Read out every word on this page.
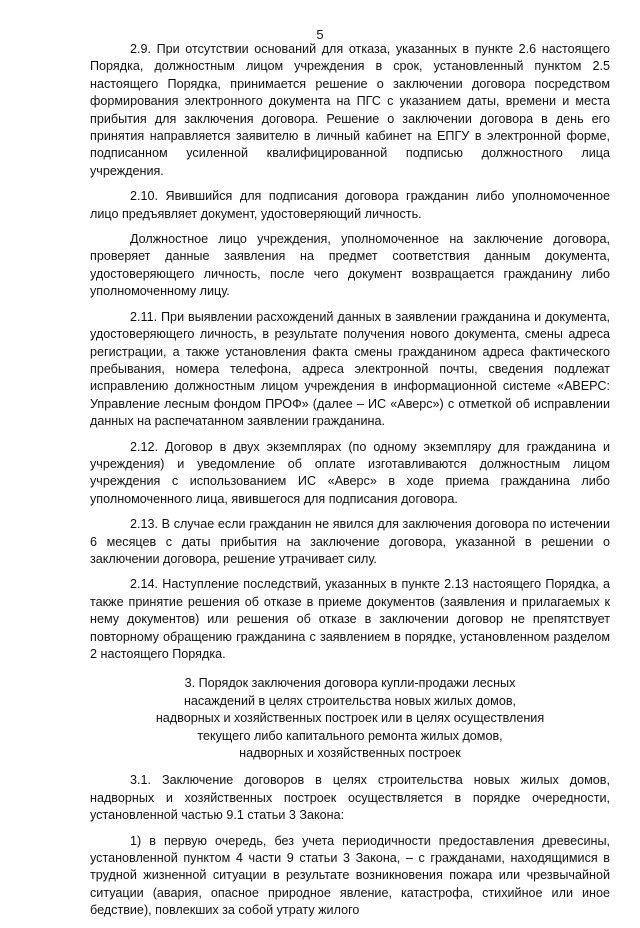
5

2.9. При отсутствии оснований для отказа, указанных в пункте 2.6 настоящего Порядка, должностным лицом учреждения в срок, установленный пунктом 2.5 настоящего Порядка, принимается решение о заключении договора посредством формирования электронного документа на ПГС с указанием даты, времени и места прибытия для заключения договора. Решение о заключении договора в день его принятия направляется заявителю в личный кабинет на ЕПГУ в электронной форме, подписанном усиленной квалифицированной подписью должностного лица учреждения.

2.10. Явившийся для подписания договора гражданин либо уполномоченное лицо предъявляет документ, удостоверяющий личность.

Должностное лицо учреждения, уполномоченное на заключение договора, проверяет данные заявления на предмет соответствия данным документа, удостоверяющего личность, после чего документ возвращается гражданину либо уполномоченному лицу.

2.11. При выявлении расхождений данных в заявлении гражданина и документа, удостоверяющего личность, в результате получения нового документа, смены адреса регистрации, а также установления факта смены гражданином адреса фактического пребывания, номера телефона, адреса электронной почты, сведения подлежат исправлению должностным лицом учреждения в информационной системе «АВЕРС: Управление лесным фондом ПРОФ» (далее – ИС «Аверс») с отметкой об исправлении данных на распечатанном заявлении гражданина.

2.12. Договор в двух экземплярах (по одному экземпляру для гражданина и учреждения) и уведомление об оплате изготавливаются должностным лицом учреждения с использованием ИС «Аверс» в ходе приема гражданина либо уполномоченного лица, явившегося для подписания договора.

2.13. В случае если гражданин не явился для заключения договора по истечении 6 месяцев с даты прибытия на заключение договора, указанной в решении о заключении договора, решение утрачивает силу.

2.14. Наступление последствий, указанных в пункте 2.13 настоящего Порядка, а также принятие решения об отказе в приеме документов (заявления и прилагаемых к нему документов) или решения об отказе в заключении договор не препятствует повторному обращению гражданина с заявлением в порядке, установленном разделом 2 настоящего Порядка.

3. Порядок заключения договора купли-продажи лесных
насаждений в целях строительства новых жилых домов,
надворных и хозяйственных построек или в целях осуществления
текущего либо капитального ремонта жилых домов,
надворных и хозяйственных построек

3.1. Заключение договоров в целях строительства новых жилых домов, надворных и хозяйственных построек осуществляется в порядке очередности, установленной частью 9.1 статьи 3 Закона:

1) в первую очередь, без учета периодичности предоставления древесины, установленной пунктом 4 части 9 статьи 3 Закона, – с гражданами, находящимися в трудной жизненной ситуации в результате возникновения пожара или чрезвычайной ситуации (авария, опасное природное явление, катастрофа, стихийное или иное бедствие), повлекших за собой утрату жилого
